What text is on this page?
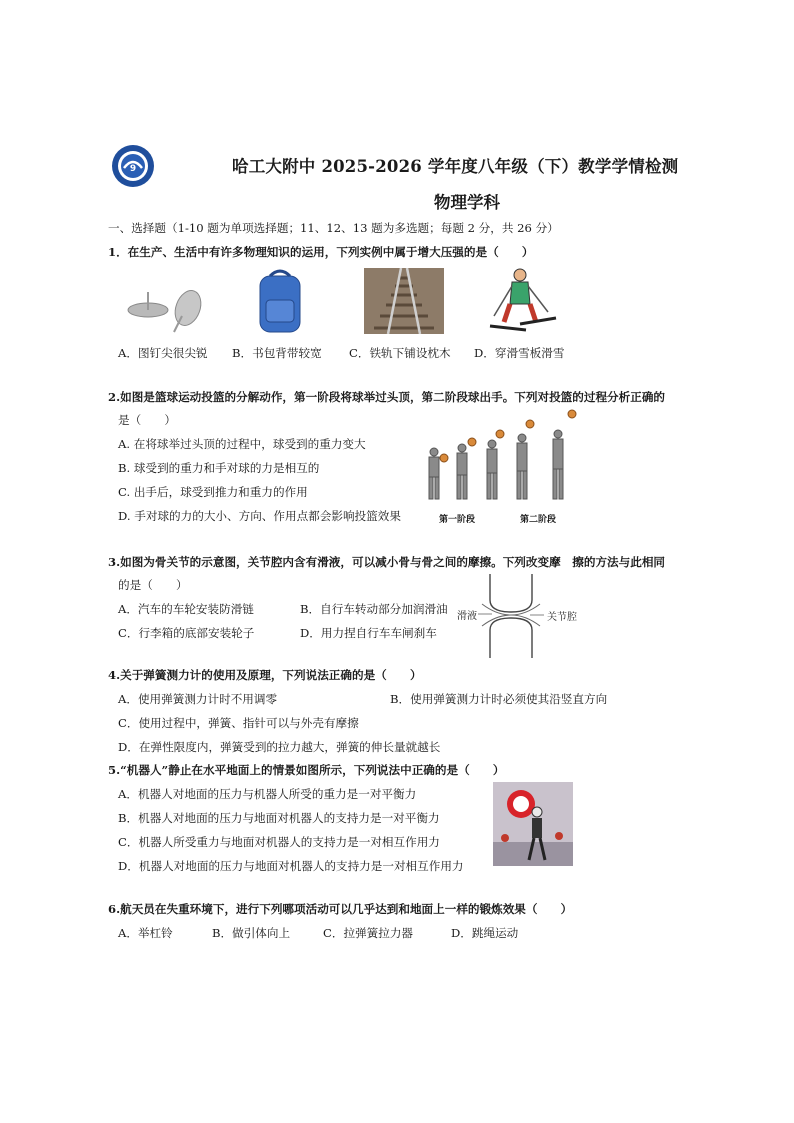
9	哈工大附中 2025-2026 学年度八年级（下）教学学情检测
物理学科
一、选择题（1-10 题为单项选择题；11、12、13 题为多选题；每题 2 分，共 26 分）
1．在生产、生活中有许多物理知识的运用，下列实例中属于增大压强的是（　　）
A．图钉尖很尖锐 B．书包背带较宽 C．铁轨下铺设枕木 D．穿滑雪板滑雪
2.如图是篮球运动投篮的分解动作，第一阶段将球举过头顶，第二阶段球出手。下列对投篮的过程分析正确的
是（　　）
A. 在将球举过头顶的过程中，球受到的重力变大
B. 球受到的重力和手对球的力是相互的
C. 出手后，球受到推力和重力的作用
D. 手对球的力的大小、方向、作用点都会影响投篮效果	第一阶段	第二阶段
3.如图为骨关节的示意图，关节腔内含有滑液，可以减小骨与骨之间的摩擦。下列改变摩　擦的方法与此相同
的是（　　）
A．汽车的车轮安装防滑链	B．自行车转动部分加润滑油
C．行李箱的底部安装轮子	D．用力捏自行车车闸刹车
滑液	关节腔
4.关于弹簧测力计的使用及原理，下列说法正确的是（　　）
A．使用弹簧测力计时不用调零	B．使用弹簧测力计时必须使其沿竖直方向
C．使用过程中，弹簧、指针可以与外壳有摩擦
D．在弹性限度内，弹簧受到的拉力越大，弹簧的伸长量就越长
5.“机器人”静止在水平地面上的情景如图所示，下列说法中正确的是（　　）
A．机器人对地面的压力与机器人所受的重力是一对平衡力
B．机器人对地面的压力与地面对机器人的支持力是一对平衡力
C．机器人所受重力与地面对机器人的支持力是一对相互作用力
D．机器人对地面的压力与地面对机器人的支持力是一对相互作用力
6.航天员在失重环境下，进行下列哪项活动可以几乎达到和地面上一样的锻炼效果（　　）
A．举杠铃	B．做引体向上	C．拉弹簧拉力器	D．跳绳运动
